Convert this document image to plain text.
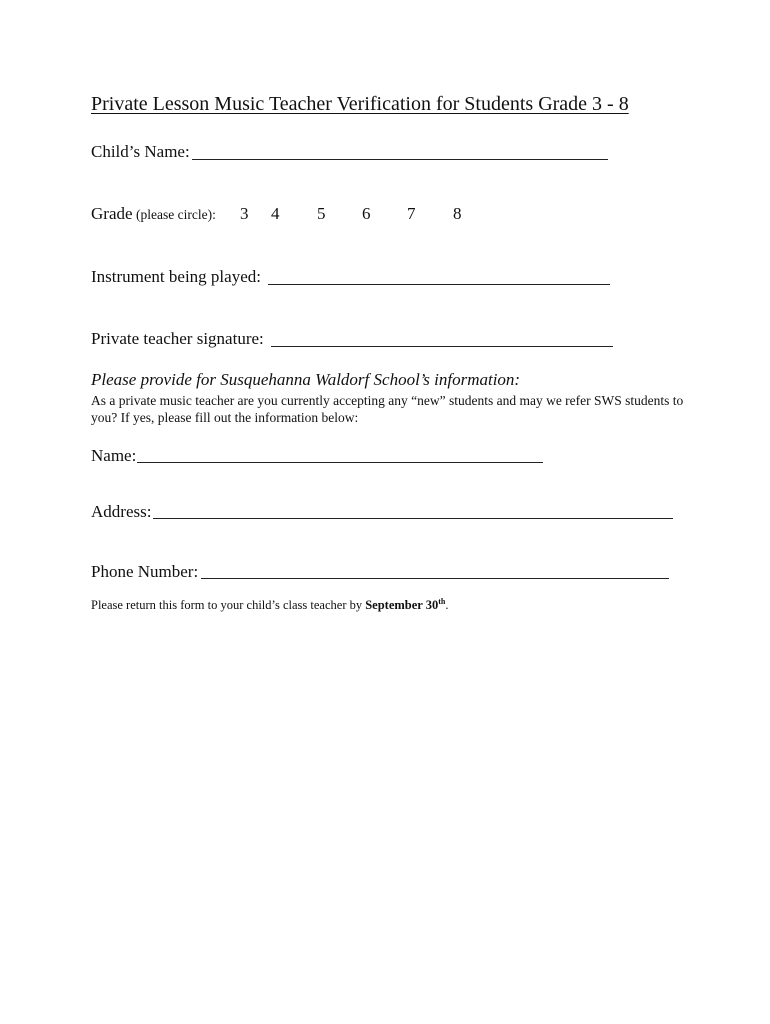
Private Lesson Music Teacher Verification for Students Grade 3 - 8
Child’s Name:
Grade (please circle): 3 4 5 6 7 8
Instrument being played:
Private teacher signature:
Please provide for Susquehanna Waldorf School’s information:
As a private music teacher are you currently accepting any “new” students and may we refer SWS students to you? If yes, please fill out the information below:
Name:
Address:
Phone Number:
Please return this form to your child’s class teacher by September 30th.
